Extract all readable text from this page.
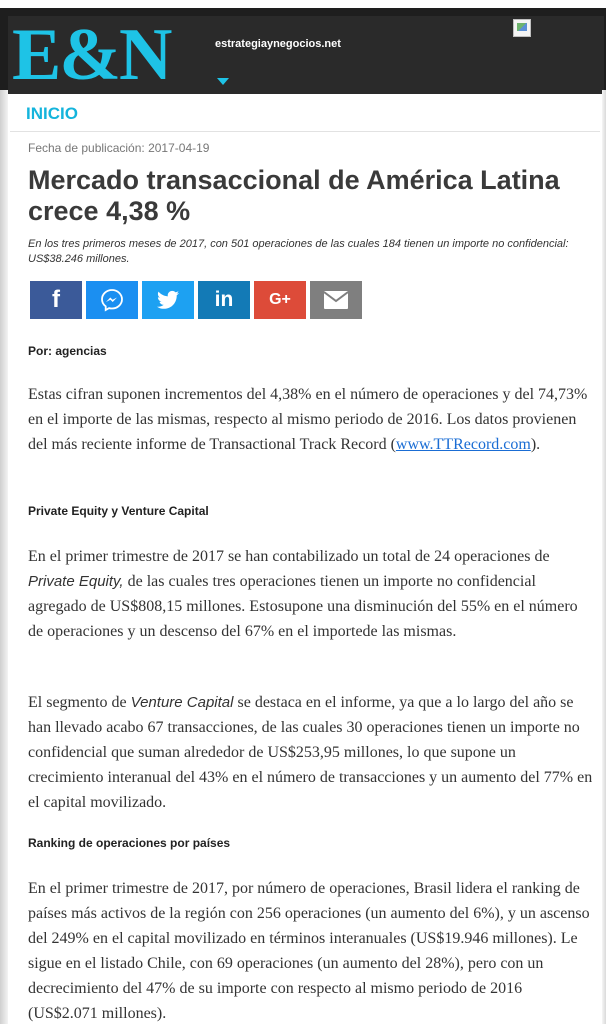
E&N	estrategiaynegocios.net
INICIO
Fecha de publicación: 2017-04-19
Mercado transaccional de América Latina crece 4,38 %

En los tres primeros meses de 2017, con 501 operaciones de las cuales 184 tienen un importe no confidencial: US$38.246 millones.

f	in G+
Por: agencias

Estas cifran suponen incrementos del 4,38% en el número de operaciones y del 74,73% en el importe de las mismas, respecto al mismo periodo de 2016. Los datos provienen del más reciente informe de Transactional Track Record (www.TTRecord.com).

Private Equity y Venture Capital

En el primer trimestre de 2017 se han contabilizado un total de 24 operaciones de Private Equity, de las cuales tres operaciones tienen un importe no confidencial agregado de US$808,15 millones. Estosupone una disminución del 55% en el número de operaciones y un descenso del 67% en el importede las mismas.

El segmento de Venture Capital se destaca en el informe, ya que a lo largo del año se han llevado acabo 67 transacciones, de las cuales 30 operaciones tienen un importe no confidencial que suman alrededor de US$253,95 millones, lo que supone un crecimiento interanual del 43% en el número de transacciones y un aumento del 77% en el capital movilizado.

Ranking de operaciones por países

En el primer trimestre de 2017, por número de operaciones, Brasil lidera el ranking de países más activos de la región con 256 operaciones (un aumento del 6%), y un ascenso del 249% en el capital movilizado en términos interanuales (US$19.946 millones). Le sigue en el listado Chile, con 69 operaciones (un aumento del 28%), pero con un decrecimiento del 47% de su importe con respecto al mismo periodo de 2016 (US$2.071 millones).
